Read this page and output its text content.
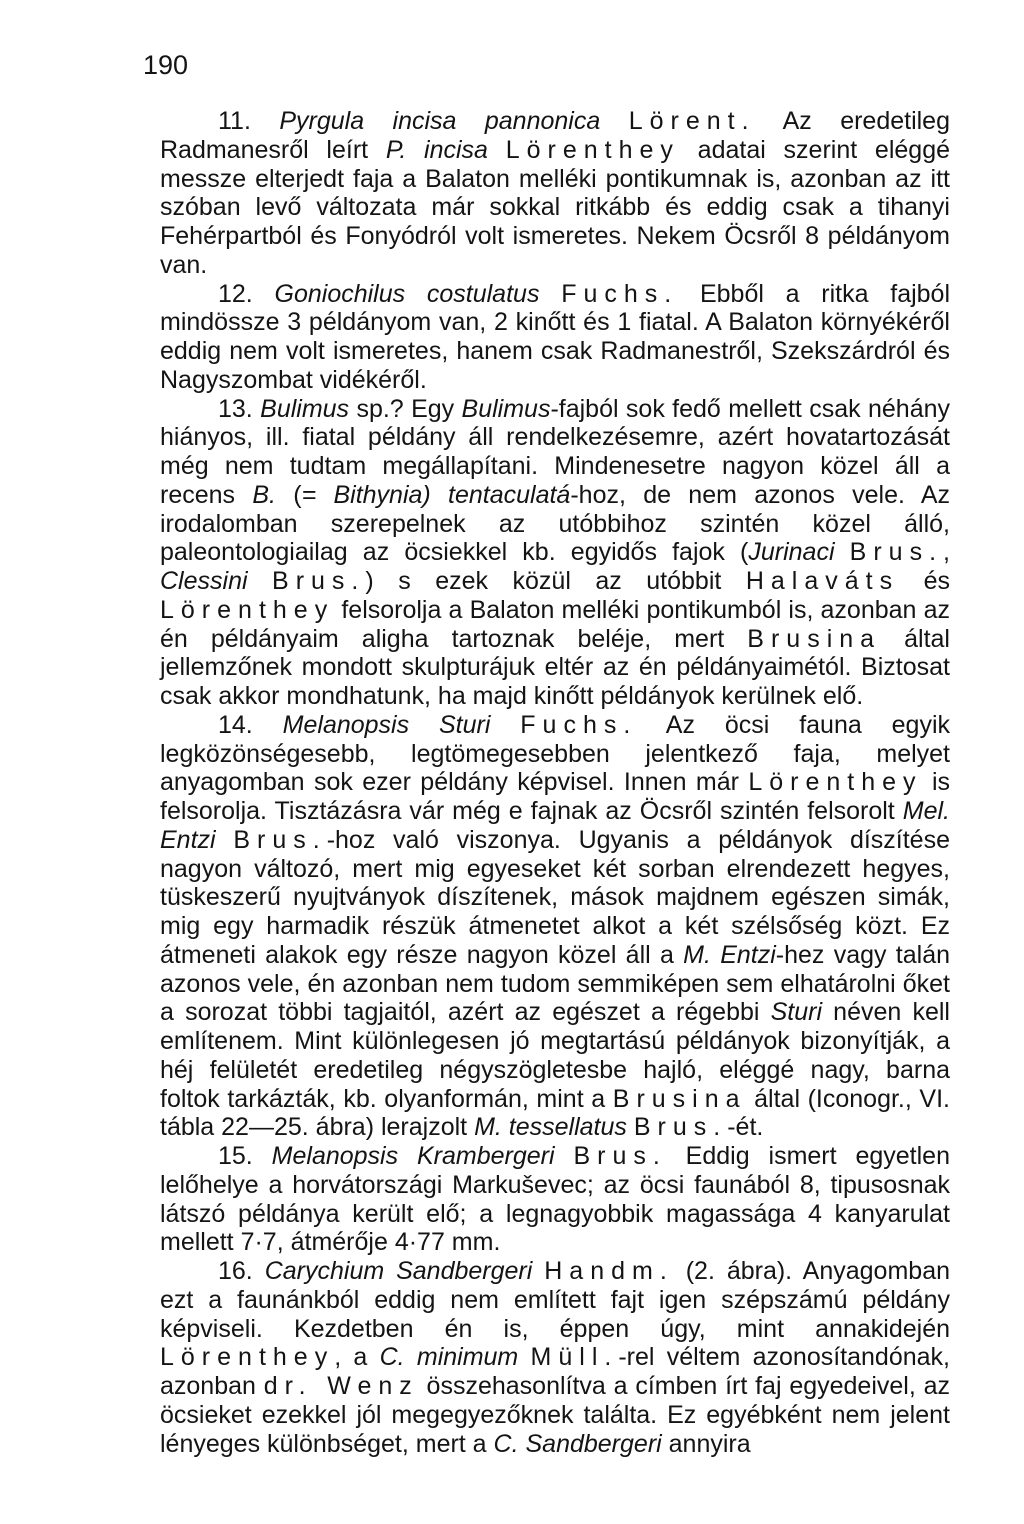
190

11. Pyrgula incisa pannonica Lörent. Az eredetileg Radmanesről leírt P. incisa Lörenthey adatai szerint eléggé messze elterjedt faja a Balaton melléki pontikumnak is, azonban az itt szóban levő változata már sokkal ritkább és eddig csak a tihanyi Fehérpartból és Fonyódról volt ismeretes. Nekem Öcsről 8 példányom van.

12. Goniochilus costulatus Fuchs. Ebből a ritka fajból mindössze 3 példányom van, 2 kinőtt és 1 fiatal. A Balaton környékéről eddig nem volt ismeretes, hanem csak Radmanestről, Szekszárdról és Nagyszombat vidékéről.

13. Bulimus sp.? Egy Bulimus-fajból sok fedő mellett csak néhány hiányos, ill. fiatal példány áll rendelkezésemre, azért hovatartozását még nem tudtam megállapítani. Mindenesetre nagyon közel áll a recens B. (= Bithynia) tentaculatá-hoz, de nem azonos vele. Az irodalomban szerepelnek az utóbbihoz szintén közel álló, paleontologiailag az öcsiekkel kb. egyidős fajok (Jurinaci Brus., Clessini Brus.) s ezek közül az utóbbit Halaváts és Lörenthey felsorolja a Balaton melléki pontikumból is, azonban az én példányaim aligha tartoznak beléje, mert Brusina által jellemzőnek mondott skulpturájuk eltér az én példányaimétól. Biztosat csak akkor mondhatunk, ha majd kinőtt példányok kerülnek elő.

14. Melanopsis Sturi Fuchs. Az öcsi fauna egyik legközönségesebb, legtömegesebben jelentkező faja, melyet anyagomban sok ezer példány képvisel. Innen már Lörenthey is felsorolja. Tisztázásra vár még e fajnak az Öcsről szintén felsorolt Mel. Entzi Brus.-hoz való viszonya. Ugyanis a példányok díszítése nagyon változó, mert mig egyeseket két sorban elrendezett hegyes, tüskeszerű nyujtványok díszítenek, mások majdnem egészen simák, mig egy harmadik részük átmenetet alkot a két szélsőség közt. Ez átmeneti alakok egy része nagyon közel áll a M. Entzi-hez vagy talán azonos vele, én azonban nem tudom semmiképen sem elhatárolni őket a sorozat többi tagjaitól, azért az egészet a régebbi Sturi néven kell említenem. Mint különlegesen jó megtartású példányok bizonyítják, a héj felületét eredetileg négyszögletesbe hajló, eléggé nagy, barna foltok tarkázták, kb. olyanformán, mint a Brusina által (Iconogr., VI. tábla 22—25. ábra) lerajzolt M. tessellatus Brus.-ét.

15. Melanopsis Krambergeri Brus. Eddig ismert egyetlen lelőhelye a horvátországi Markuševec; az öcsi faunából 8, tipusosnak látszó példánya került elő; a legnagyobbik magassága 4 kanyarulat mellett 7·7, átmérője 4·77 mm.

16. Carychium Sandbergeri Handm. (2. ábra). Anyagomban ezt a faunánkból eddig nem említett fajt igen szépszámú példány képviseli. Kezdetben én is, éppen úgy, mint annakidején Lörenthey, a C. minimum Müll.-rel véltem azonosítandónak, azonban dr. Wenz összehasonlítva a címben írt faj egyedeivel, az öcsieket ezekkel jól megegyezőknek találta. Ez egyébként nem jelent lényeges különbséget, mert a C. Sandbergeri annyira
